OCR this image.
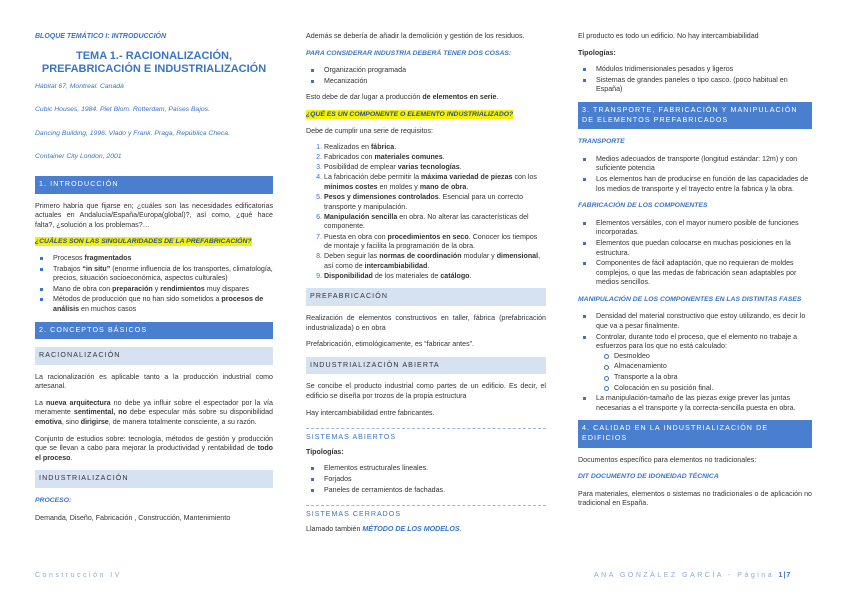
BLOQUE TEMÁTICO I: INTRODUCCIÓN
TEMA 1.- RACIONALIZACIÓN,
PREFABRICACIÓN E INDUSTRIALIZACIÓN
Hábitat 67, Montreal. Canadá
Cubic Houses, 1984. Piet Blom. Rotterdam, Países Bajos.
Dancing Building, 1996. Vlado y Frank. Praga, República Checa.
Container City London, 2001
1. INTRODUCCIÓN

Primero habría que fijarse en; ¿cuáles son las necesidades edificatorias actuales en Andalucía/España/Europa(global)?, así como, ¿qué hace falta?, ¿solución a los problemas?…

¿CUÁLES SON LAS SINGULARIDADES DE LA PREFABRICACIÓN?

Procesos fragmentados
Trabajos “in situ” (enorme influencia de los transportes, climatología, precios, situación socioeconómica, aspectos culturales)
Mano de obra con preparación y rendimientos muy dispares
Métodos de producción que no han sido sometidos a procesos de análisis en muchos casos
2. CONCEPTOS BÁSICOS
RACIONALIZACIÓN

La racionalización es aplicable tanto a la producción industrial como artesanal.

La nueva arquitectura no debe ya influir sobre el espectador por la vía meramente sentimental, no debe especular más sobre su disponibilidad emotiva, sino dirigirse, de manera totalmente consciente, a su razón.

Conjunto de estudios sobre: tecnología, métodos de gestión y producción que se llevan a cabo para mejorar la productividad y rentabilidad de todo el proceso.

INDUSTRIALIZACIÓN
PROCESO:

Demanda, Diseño, Fabricación , Construcción, Mantenimiento

Además se debería de añadir la demolición y gestión de los residuos.

PARA CONSIDERAR INDUSTRIA DEBERÁ TENER DOS COSAS:
Organización programada
Mecanización

Esto debe de dar lugar a producción de elementos en serie.

¿QUÉ ES UN COMPONENTE O ELEMENTO INDUSTRIALIZADO?

Debe de cumplir una serie de requisitos:

1. Realizados en fábrica.
2. Fabricados con materiales comunes.
3. Posibilidad de emplear varias tecnologías.
4. La fabricación debe permitir la máxima variedad de piezas con los mínimos costes en moldes y mano de obra.
5. Pesos y dimensiones controlados. Esencial para un correcto transporte y manipulación.
6. Manipulación sencilla en obra. No alterar las características del componente.
7. Puesta en obra con procedimientos en seco. Conocer los tiempos de montaje y facilita la programación de la obra.
8. Deben seguir las normas de coordinación modular y dimensional, así como de intercambiabilidad.
9. Disponibilidad de los materiales de catálogo.
PREFABRICACIÓN

Realización de elementos constructivos en taller, fábrica (prefabricación industrializada) o en obra

Prefabricación, etimológicamente, es “fabricar antes”.

INDUSTRIALIZACIÓN ABIERTA

Se concibe el producto industrial como partes de un edificio. Es decir, el edificio se diseña por trozos de la propia estructura

Hay intercambiabilidad entre fabricantes.

SISTEMAS ABIERTOS

Tipologías:

Elementos estructurales lineales.
Forjados
Paneles de cerramientos de fachadas.
SISTEMAS CERRADOS

Llamado también MÉTODO DE LOS MODELOS.

El producto es todo un edificio. No hay intercambiabilidad

Tipologías:

Módulos tridimensionales pesados y ligeros
Sistemas de grandes paneles o tipo casco. (poco habitual en España)
3. TRANSPORTE, FABRICACIÓN Y MANIPULACIÓN DE ELEMENTOS PREFABRICADOS
TRANSPORTE
Medios adecuados de transporte (longitud estándar: 12m) y con suficiente potencia
Los elementos han de producirse en función de las capacidades de los medios de transporte y el trayecto entre la fabrica y la obra.
FABRICACIÓN DE LOS COMPONENTES
Elementos versátiles, con el mayor numero posible de funciones incorporadas.
Elementos que puedan colocarse en muchas posiciones en la estructura.
Componentes de fácil adaptación, que no requieran de moldes complejos, o que las medas de fabricación sean adaptables por medios sencillos.
MANIPULACIÓN DE LOS COMPONENTES EN LAS DISTINTAS FASES
Densidad del material constructivo que estoy utilizando, es decir lo que va a pesar finalmente.
Controlar, durante todo el proceso, que el elemento no trabaje a esfuerzos para los que no está calculado:
Desmoldeo
Almacenamiento
Transporte a la obra
Colocación en su posición final.
La manipulación-tamaño de las piezas exige prever las juntas necesarias a el transporte y la correcta-sencilla puesta en obra.
4. CALIDAD EN LA INDUSTRIALIZACIÓN DE EDIFICIOS

Documentos específico para elementos no tradicionales:

DIT DOCUMENTO DE IDONEIDAD TÉCNICA

Para materiales, elementos o sistemas no tradicionales o de aplicación no tradicional en España.

Construcción IV	ANA GONZÁLEZ GARCÍA - Página 1|7
